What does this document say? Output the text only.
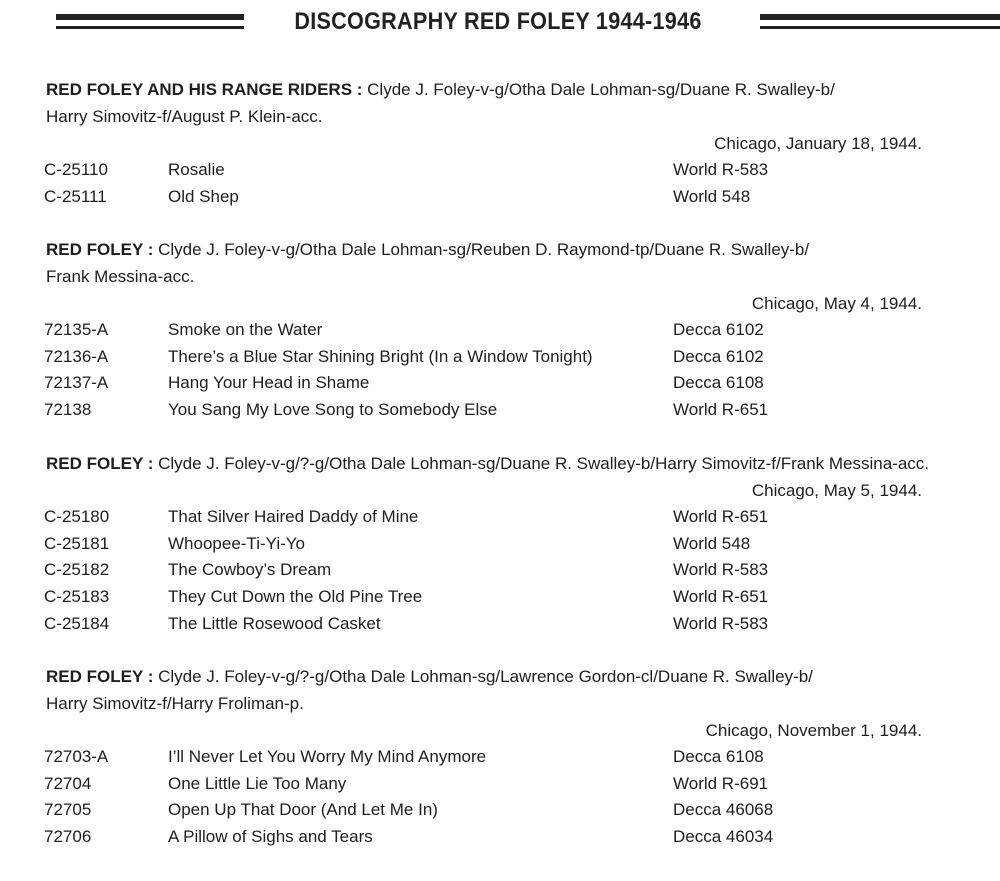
DISCOGRAPHY RED FOLEY 1944-1946
RED FOLEY AND HIS RANGE RIDERS : Clyde J. Foley-v-g/Otha Dale Lohman-sg/Duane R. Swalley-b/
Harry Simovitz-f/August P. Klein-acc.
Chicago, January 18, 1944.
C-25110	Rosalie	World R-583
C-25111	Old Shep	World 548
RED FOLEY : Clyde J. Foley-v-g/Otha Dale Lohman-sg/Reuben D. Raymond-tp/Duane R. Swalley-b/
Frank Messina-acc.
Chicago, May 4, 1944.
72135-A	Smoke on the Water	Decca 6102
72136-A	There’s a Blue Star Shining Bright (In a Window Tonight)	Decca 6102
72137-A	Hang Your Head in Shame	Decca 6108
72138	You Sang My Love Song to Somebody Else	World R-651
RED FOLEY : Clyde J. Foley-v-g/?-g/Otha Dale Lohman-sg/Duane R. Swalley-b/Harry Simovitz-f/Frank Messina-acc.
Chicago, May 5, 1944.
C-25180	That Silver Haired Daddy of Mine	World R-651
C-25181	Whoopee-Ti-Yi-Yo	World 548
C-25182	The Cowboy’s Dream	World R-583
C-25183	They Cut Down the Old Pine Tree	World R-651
C-25184	The Little Rosewood Casket	World R-583
RED FOLEY : Clyde J. Foley-v-g/?-g/Otha Dale Lohman-sg/Lawrence Gordon-cl/Duane R. Swalley-b/
Harry Simovitz-f/Harry Froliman-p.
Chicago, November 1, 1944.
72703-A	I’ll Never Let You Worry My Mind Anymore	Decca 6108
72704	One Little Lie Too Many	World R-691
72705	Open Up That Door (And Let Me In)	Decca 46068
72706	A Pillow of Sighs and Tears	Decca 46034
